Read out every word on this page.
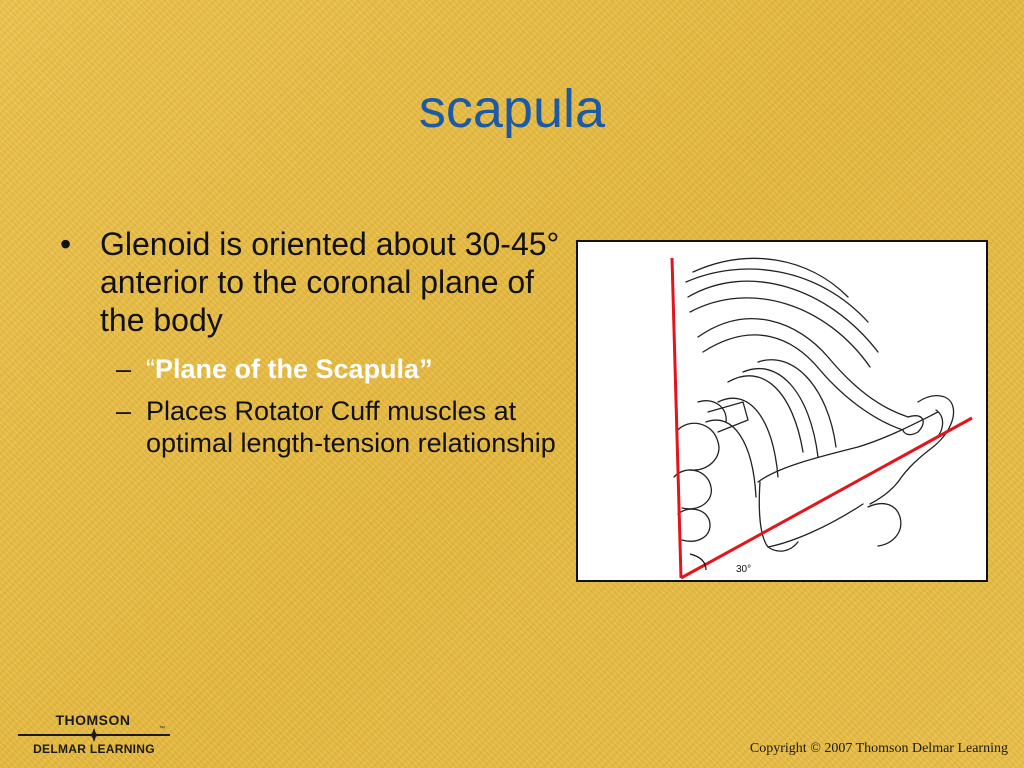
scapula
• Glenoid is oriented about 30-45° anterior to the coronal plane of the body
– “Plane of the Scapula”
– Places Rotator Cuff muscles at optimal length-tension relationship
30°
THOMSON
™
DELMAR LEARNING	Copyright © 2007 Thomson Delmar Learning
